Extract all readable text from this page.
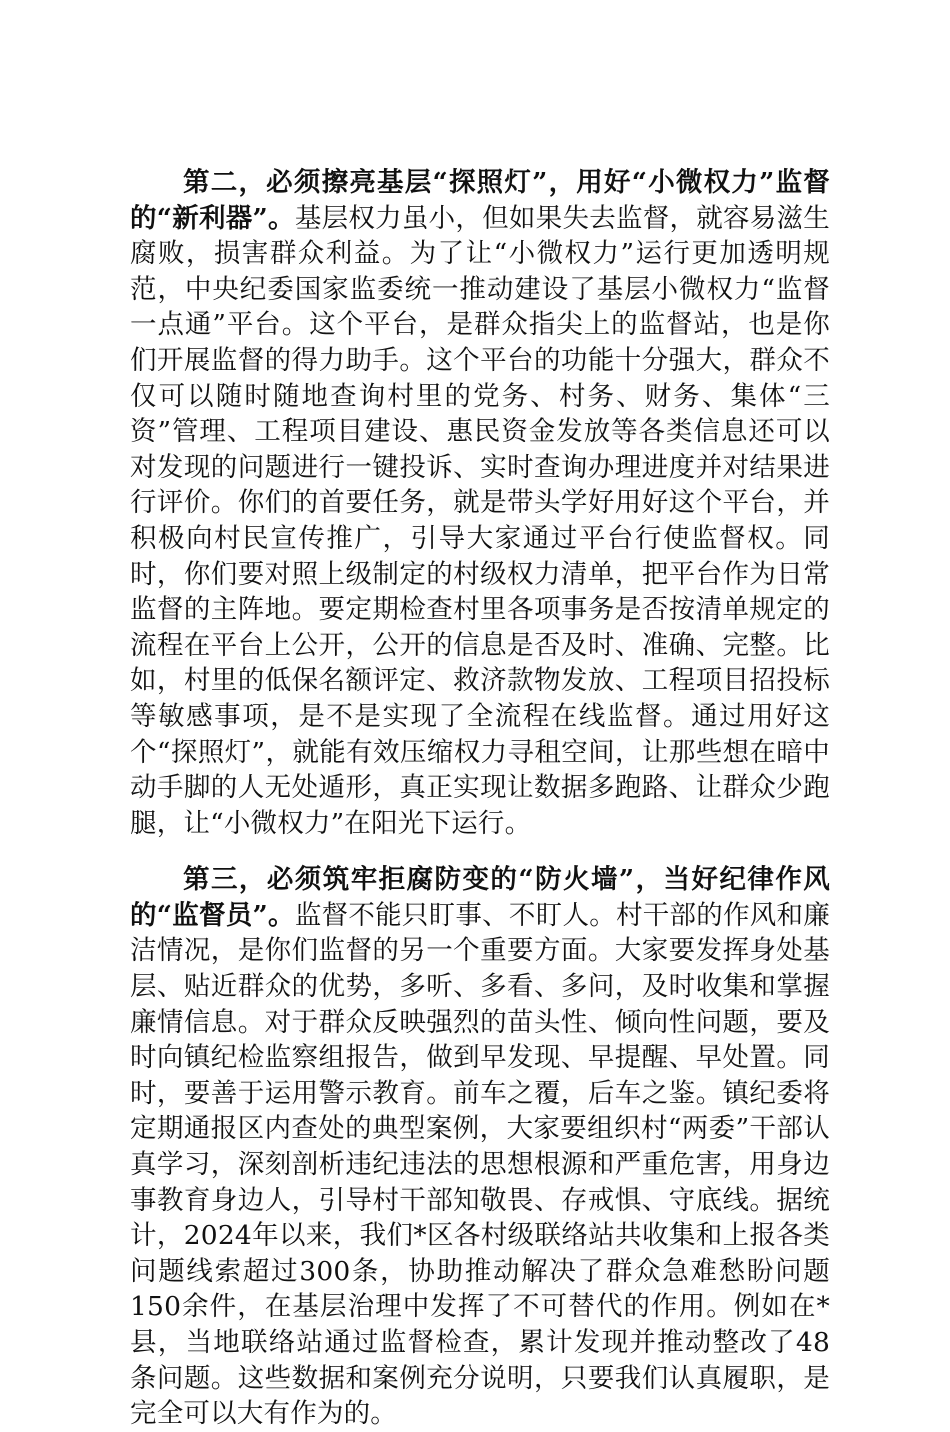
第二，必须擦亮基层“探照灯”，用好“小微权力”监督的“新利器”。基层权力虽小，但如果失去监督，就容易滋生腐败，损害群众利益。为了让“小微权力”运行更加透明规范，中央纪委国家监委统一推动建设了基层小微权力“监督一点通”平台。这个平台，是群众指尖上的监督站，也是你们开展监督的得力助手。这个平台的功能十分强大，群众不仅可以随时随地查询村里的党务、村务、财务、集体“三资”管理、工程项目建设、惠民资金发放等各类信息还可以对发现的问题进行一键投诉、实时查询办理进度并对结果进行评价。你们的首要任务，就是带头学好用好这个平台，并积极向村民宣传推广，引导大家通过平台行使监督权。同时，你们要对照上级制定的村级权力清单，把平台作为日常监督的主阵地。要定期检查村里各项事务是否按清单规定的流程在平台上公开，公开的信息是否及时、准确、完整。比如，村里的低保名额评定、救济款物发放、工程项目招投标等敏感事项，是不是实现了全流程在线监督。通过用好这个“探照灯”，就能有效压缩权力寻租空间，让那些想在暗中动手脚的人无处遁形，真正实现让数据多跑路、让群众少跑腿，让“小微权力”在阳光下运行。

第三，必须筑牢拒腐防变的“防火墙”，当好纪律作风的“监督员”。监督不能只盯事、不盯人。村干部的作风和廉洁情况，是你们监督的另一个重要方面。大家要发挥身处基层、贴近群众的优势，多听、多看、多问，及时收集和掌握廉情信息。对于群众反映强烈的苗头性、倾向性问题，要及时向镇纪检监察组报告，做到早发现、早提醒、早处置。同时，要善于运用警示教育。前车之覆，后车之鉴。镇纪委将定期通报区内查处的典型案例，大家要组织村“两委”干部认真学习，深刻剖析违纪违法的思想根源和严重危害，用身边事教育身边人，引导村干部知敬畏、存戒惧、守底线。据统计，2024年以来，我们*区各村级联络站共收集和上报各类问题线索超过300条，协助推动解决了群众急难愁盼问题150余件，在基层治理中发挥了不可替代的作用。例如在*县，当地联络站通过监督检查，累计发现并推动整改了48条问题。这些数据和案例充分说明，只要我们认真履职，是完全可以大有作为的。
